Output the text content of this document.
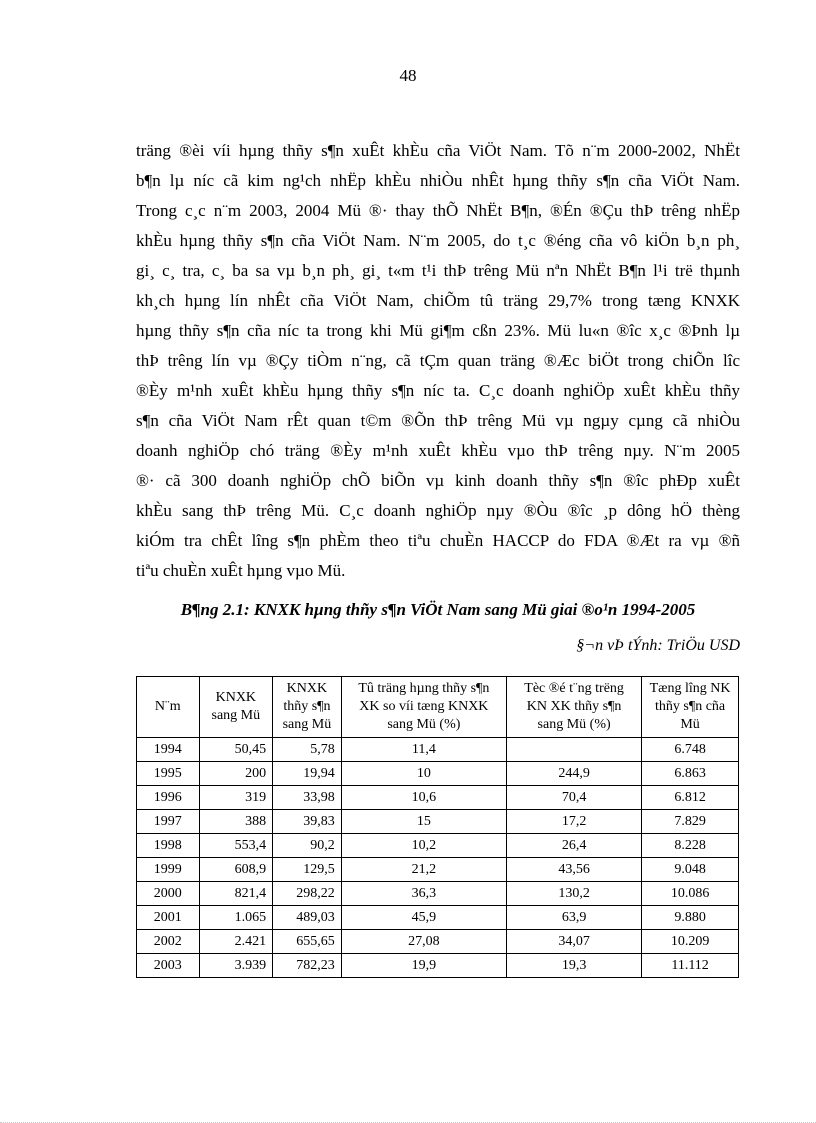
48

träng ®èi víi hµng thñy s¶n xuÊt khÈu cña ViÖt Nam. Tõ n¨m 2000-2002, NhËt
b¶n lµ níc cã kim ng¹ch nhËp khÈu nhiÒu nhÊt hµng thñy s¶n cña ViÖt Nam.
Trong c¸c n¨m 2003, 2004 Mü ®· thay thÕ NhËt B¶n, ®Én ®Çu thÞ trêng nhËp
khÈu hµng thñy s¶n cña ViÖt Nam. N¨m 2005, do t¸c ®éng cña vô kiÖn b¸n ph¸
gi¸ c¸ tra, c¸ ba sa vµ b¸n ph¸ gi¸ t«m t¹i thÞ trêng Mü nªn NhËt B¶n l¹i trë thµnh
kh¸ch hµng lín nhÊt cña ViÖt Nam, chiÕm tû träng 29,7% trong tæng KNXK
hµng thñy s¶n cña níc ta trong khi Mü gi¶m cßn 23%. Mü lu«n ®îc x¸c ®Þnh lµ
thÞ trêng lín vµ ®Çy tiÒm n¨ng, cã tÇm quan träng ®Æc biÖt trong chiÕn lîc
®Èy m¹nh xuÊt khÈu hµng thñy s¶n níc ta. C¸c doanh nghiÖp xuÊt khÈu thñy
s¶n cña ViÖt Nam rÊt quan t©m ®Õn thÞ trêng Mü vµ ngµy cµng cã nhiÒu
doanh nghiÖp chó träng ®Èy m¹nh xuÊt khÈu vµo thÞ trêng nµy. N¨m 2005
®· cã 300 doanh nghiÖp chÕ biÕn vµ kinh doanh thñy s¶n ®îc phÐp xuÊt
khÈu sang thÞ trêng Mü. C¸c doanh nghiÖp nµy ®Òu ®îc ¸p dông hÖ thèng
kiÓm tra chÊt lîng s¶n phÈm theo tiªu chuÈn HACCP do FDA ®Æt ra vµ ®ñ
tiªu chuÈn xuÊt hµng vµo Mü.

B¶ng 2.1: KNXK hµng thñy s¶n ViÖt Nam sang Mü giai ®o¹n 1994-2005
§¬n vÞ tÝnh: TriÖu USD
N¨m	KNXK sang Mü	KNXK thñy s¶n sang Mü	Tû träng hµng thñy s¶n XK so víi tæng KNXK sang Mü (%)	Tèc ®é t¨ng trëng KN XK thñy s¶n sang Mü (%)	Tæng lîng NK thñy s¶n cña Mü
1994	50,45	5,78	11,4		6.748
1995	200	19,94	10	244,9	6.863
1996	319	33,98	10,6	70,4	6.812
1997	388	39,83	15	17,2	7.829
1998	553,4	90,2	10,2	26,4	8.228
1999	608,9	129,5	21,2	43,56	9.048
2000	821,4	298,22	36,3	130,2	10.086
2001	1.065	489,03	45,9	63,9	9.880
2002	2.421	655,65	27,08	34,07	10.209
2003	3.939	782,23	19,9	19,3	11.112
